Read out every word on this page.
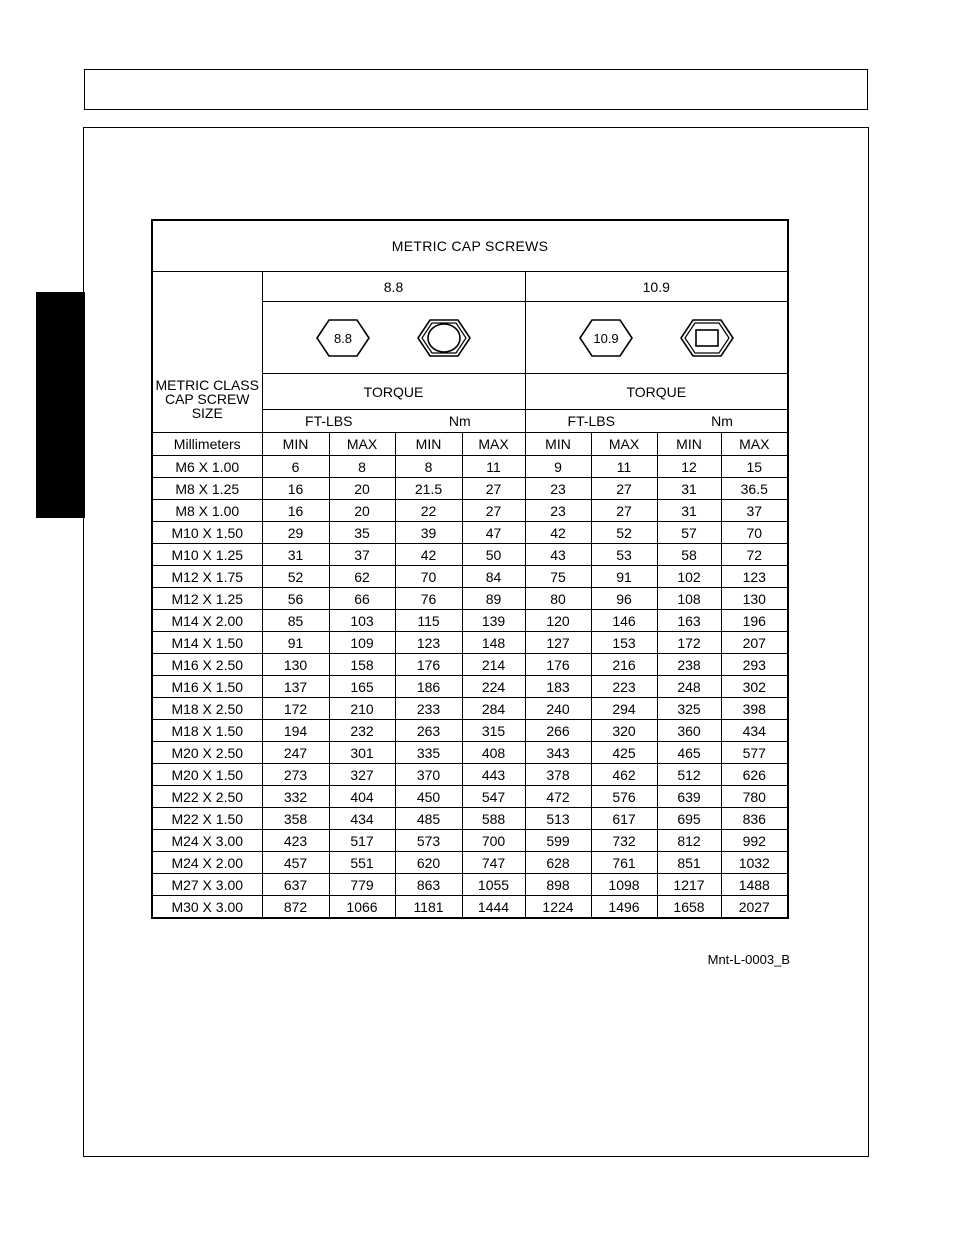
METRIC CAP SCREWS								

METRIC CLASS
CAP SCREW
SIZE	8.8				10.9			

8.8				10.9			

	TORQUE				TORQUE			
	FT-LBS		Nm		FT-LBS		Nm	
Millimeters	MIN	MAX	MIN	MAX	MIN	MAX	MIN	MAX
M6 X 1.00	6	8	8	11	9	11	12	15
M8 X 1.25	16	20	21.5	27	23	27	31	36.5
M8 X 1.00	16	20	22	27	23	27	31	37
M10 X 1.50	29	35	39	47	42	52	57	70
M10 X 1.25	31	37	42	50	43	53	58	72
M12 X 1.75	52	62	70	84	75	91	102	123
M12 X 1.25	56	66	76	89	80	96	108	130
M14 X 2.00	85	103	115	139	120	146	163	196
M14 X 1.50	91	109	123	148	127	153	172	207
M16 X 2.50	130	158	176	214	176	216	238	293
M16 X 1.50	137	165	186	224	183	223	248	302
M18 X 2.50	172	210	233	284	240	294	325	398
M18 X 1.50	194	232	263	315	266	320	360	434
M20 X 2.50	247	301	335	408	343	425	465	577
M20 X 1.50	273	327	370	443	378	462	512	626
M22 X 2.50	332	404	450	547	472	576	639	780
M22 X 1.50	358	434	485	588	513	617	695	836
M24 X 3.00	423	517	573	700	599	732	812	992
M24 X 2.00	457	551	620	747	628	761	851	1032
M27 X 3.00	637	779	863	1055	898	1098	1217	1488
M30 X 3.00	872	1066	1181	1444	1224	1496	1658	2027
Mnt-L-0003_B
